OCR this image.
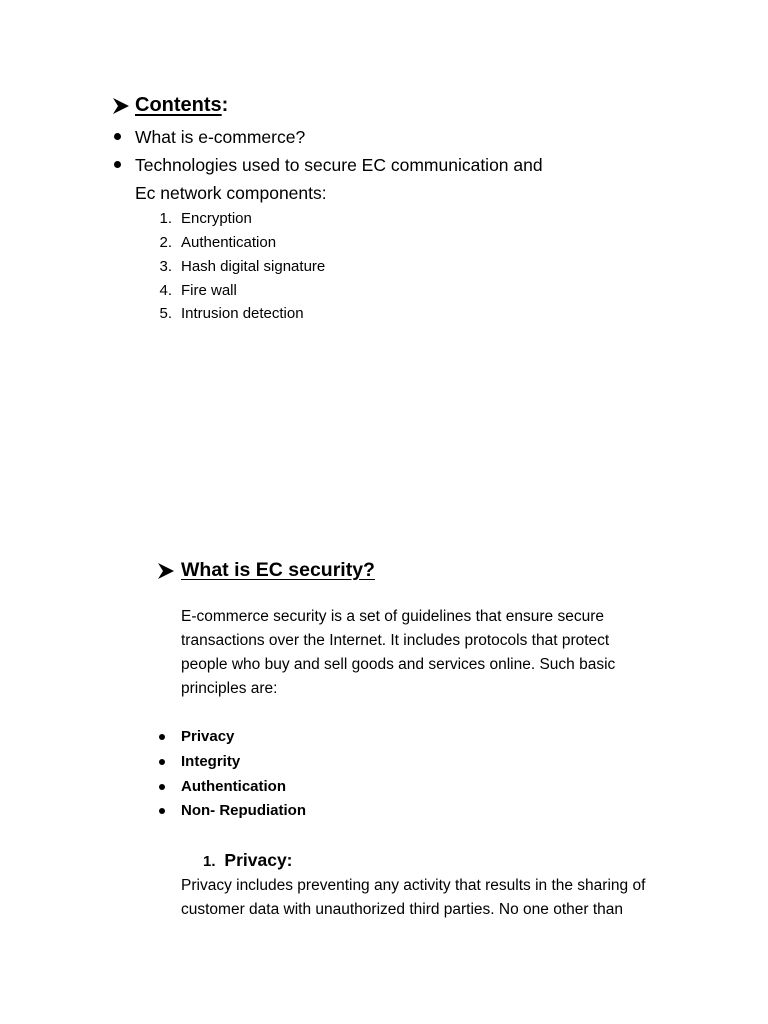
Contents:
What is e-commerce?
Technologies used to secure EC communication and
Ec network components:
1. Encryption
2. Authentication
3. Hash digital signature
4. Fire wall
5. Intrusion detection
What is EC security?
E-commerce security is a set of guidelines that ensure secure
transactions over the Internet. It includes protocols that protect
people who buy and sell goods and services online. Such basic
principles are:
Privacy
Integrity
Authentication
Non- Repudiation
1. Privacy:
Privacy includes preventing any activity that results in the sharing of
customer data with unauthorized third parties. No one other than
